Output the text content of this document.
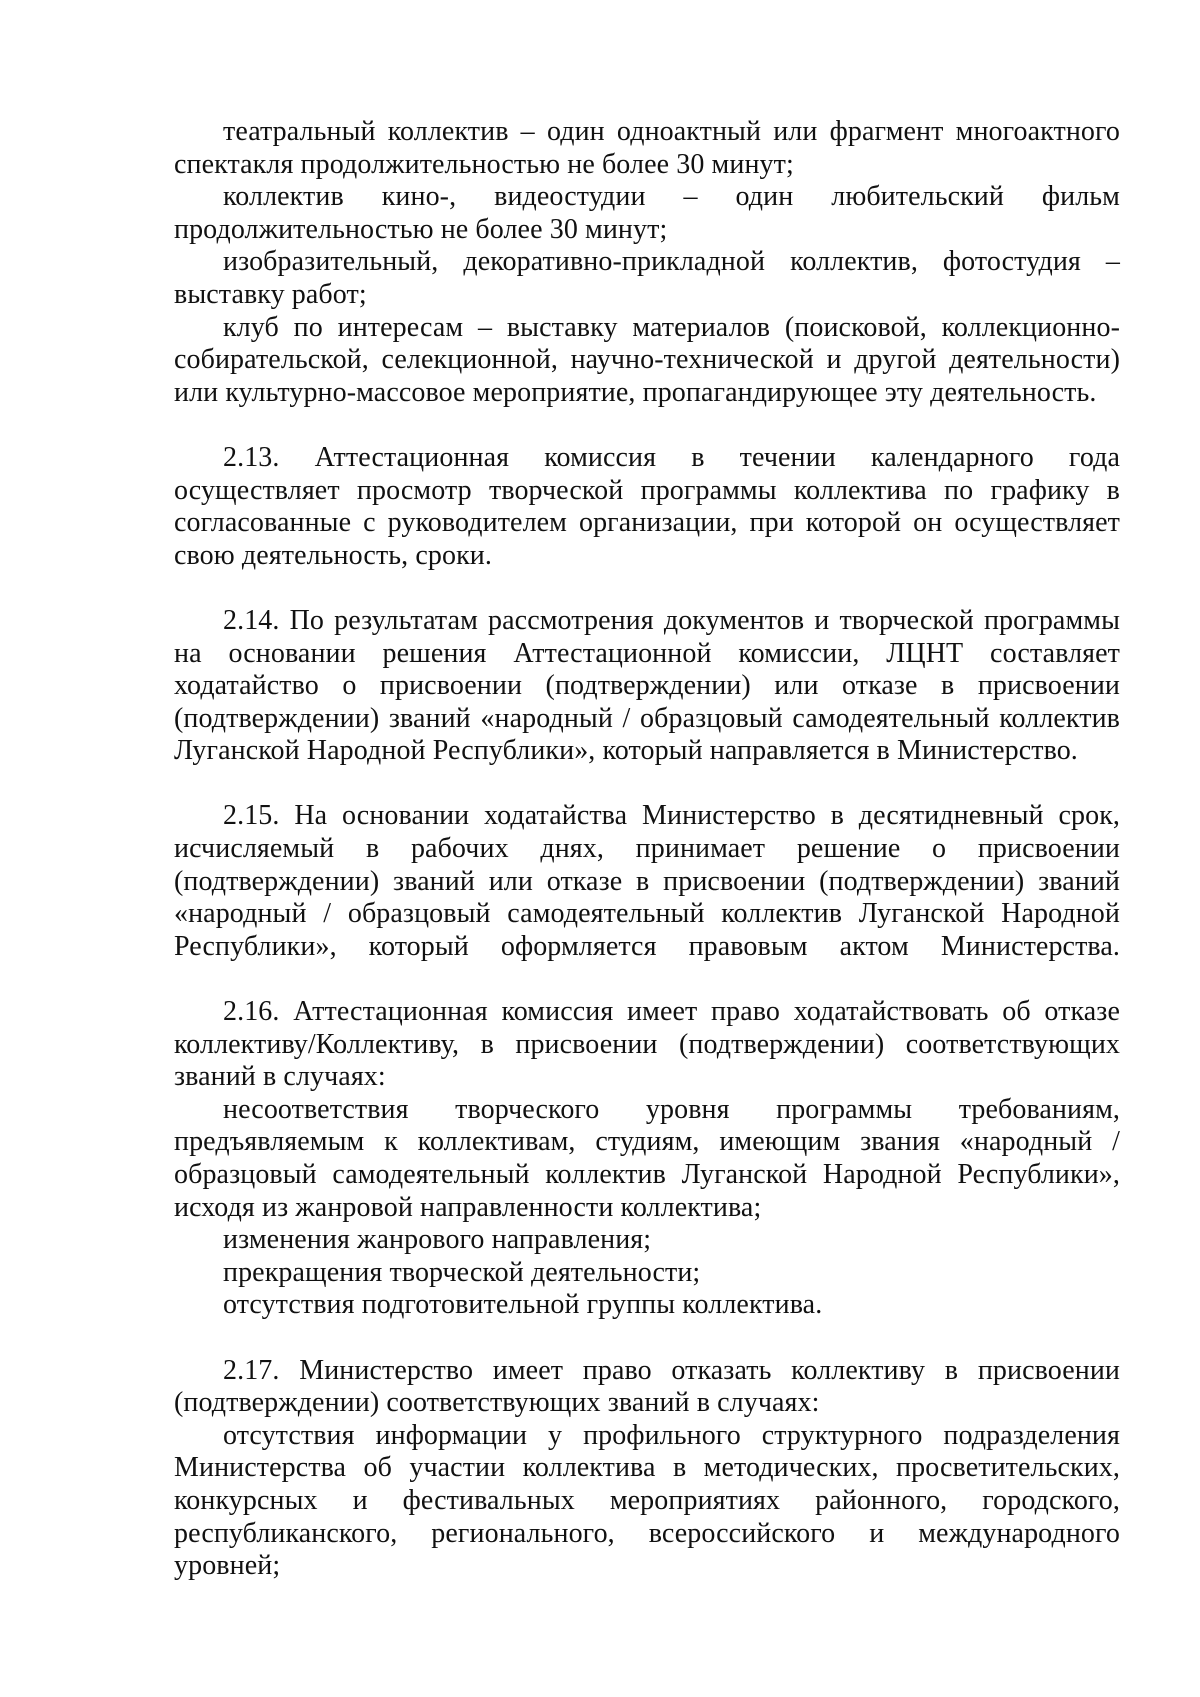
театральный коллектив – один одноактный или фрагмент многоактного спектакля продолжительностью не более 30 минут;

коллектив кино-, видеостудии – один любительский фильм продолжительностью не более 30 минут;

изобразительный, декоративно-прикладной коллектив, фотостудия – выставку работ;

клуб по интересам – выставку материалов (поисковой, коллекционно-собирательской, селекционной, научно-технической и другой деятельности) или культурно-массовое мероприятие, пропагандирующее эту деятельность.

2.13. Аттестационная комиссия в течении календарного года осуществляет просмотр творческой программы коллектива по графику в согласованные с руководителем организации, при которой он осуществляет свою деятельность, сроки.

2.14. По результатам рассмотрения документов и творческой программы на основании решения Аттестационной комиссии, ЛЦНТ составляет ходатайство о присвоении (подтверждении) или отказе в присвоении (подтверждении) званий «народный / образцовый самодеятельный коллектив Луганской Народной Республики», который направляется в Министерство.

2.15. На основании ходатайства Министерство в десятидневный срок, исчисляемый в рабочих днях, принимает решение о присвоении (подтверждении) званий или отказе в присвоении (подтверждении) званий «народный / образцовый самодеятельный коллектив Луганской Народной Республики», который оформляется правовым актом Министерства.

2.16. Аттестационная комиссия имеет право ходатайствовать об отказе коллективу/Коллективу, в присвоении (подтверждении) соответствующих званий в случаях:

несоответствия творческого уровня программы требованиям, предъявляемым к коллективам, студиям, имеющим звания «народный / образцовый самодеятельный коллектив Луганской Народной Республики», исходя из жанровой направленности коллектива;

изменения жанрового направления;

прекращения творческой деятельности;

отсутствия подготовительной группы коллектива.

2.17. Министерство имеет право отказать коллективу в присвоении (подтверждении) соответствующих званий в случаях:

отсутствия информации у профильного структурного подразделения Министерства об участии коллектива в методических, просветительских, конкурсных и фестивальных мероприятиях районного, городского, республиканского, регионального, всероссийского и международного уровней;
